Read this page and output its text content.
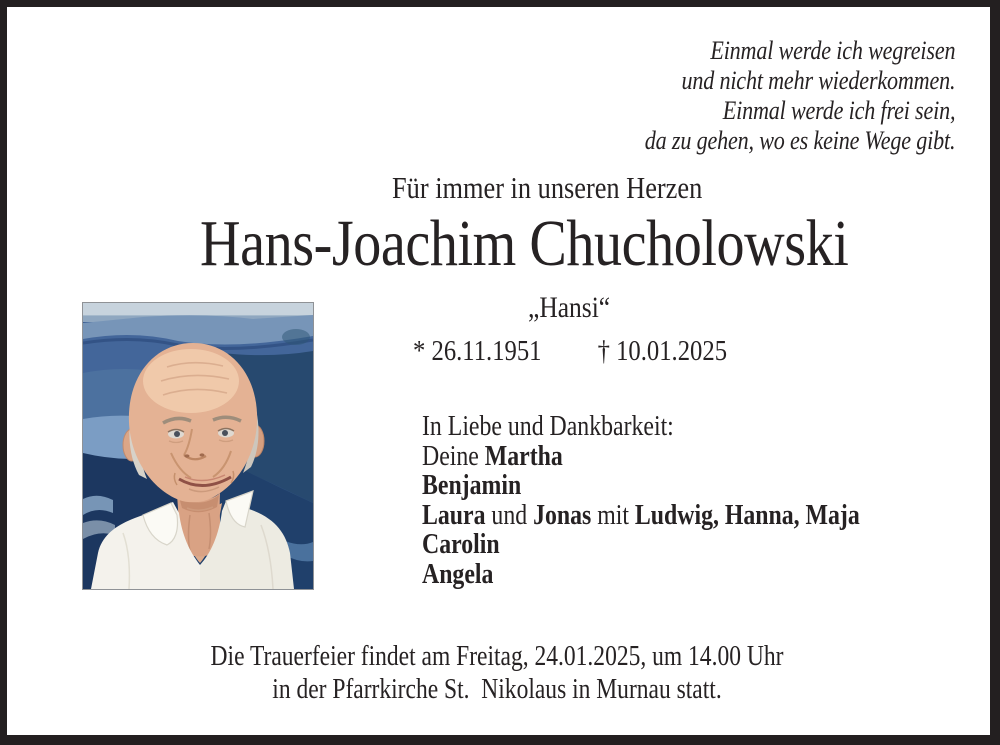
Einmal werde ich wegreisen
und nicht mehr wiederkommen.
Einmal werde ich frei sein,
da zu gehen, wo es keine Wege gibt.
Für immer in unseren Herzen
Hans-Joachim Chucholowski
„Hansi“
* 26.11.1951 † 10.01.2025
In Liebe und Dankbarkeit:
Deine Martha
Benjamin
Laura und Jonas mit Ludwig, Hanna, Maja
Carolin
Angela
Die Trauerfeier findet am Freitag, 24.01.2025, um 14.00 Uhr
in der Pfarrkirche St.  Nikolaus in Murnau statt.
